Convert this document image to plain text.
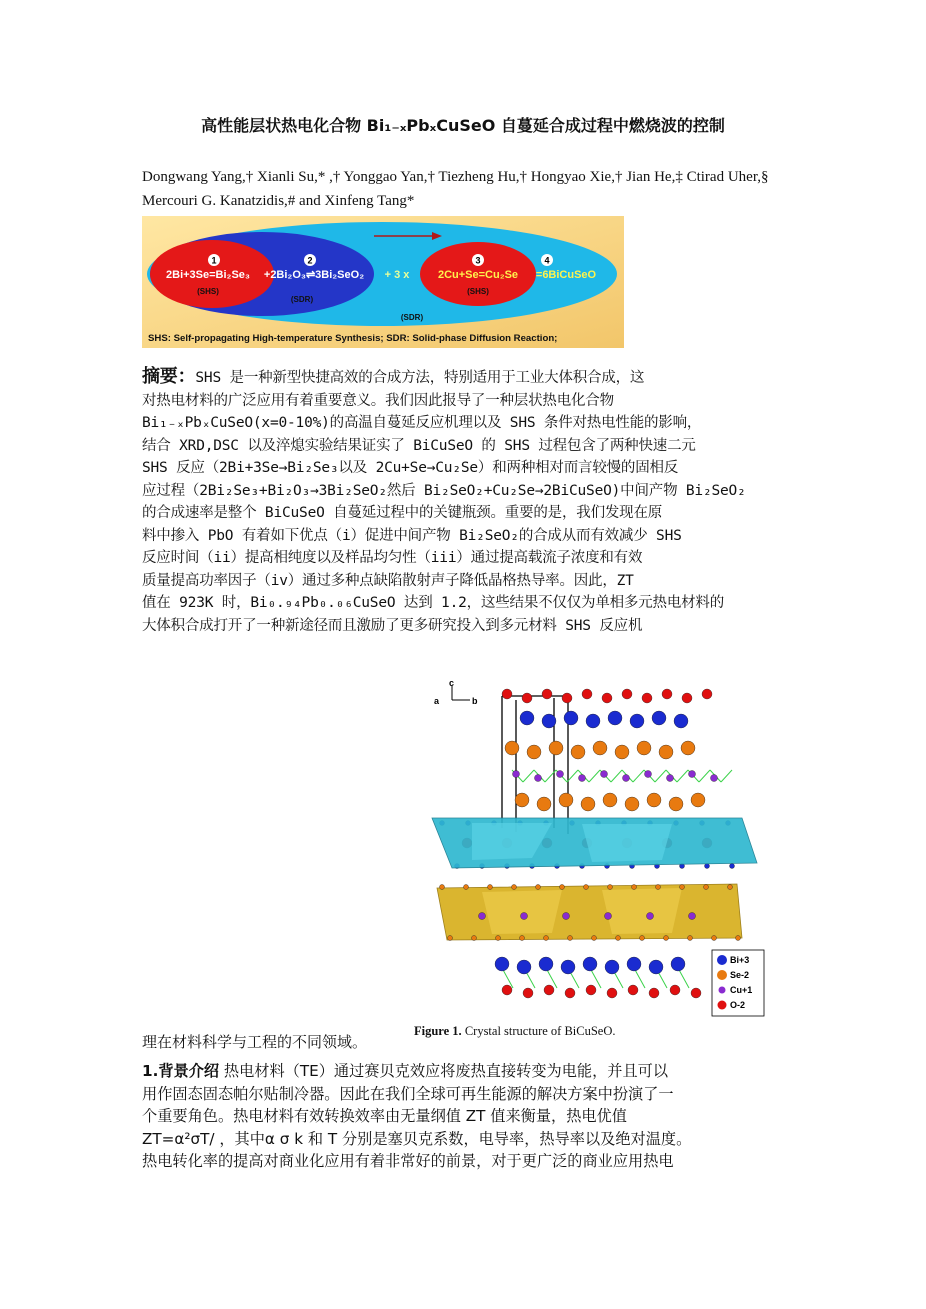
高性能层状热电化合物 Bi₁₋ₓPbₓCuSeO 自蔓延合成过程中燃烧波的控制
Dongwang Yang,† Xianli Su,* ,† Yonggao Yan,† Tiezheng Hu,† Hongyao Xie,† Jian He,‡ Ctirad Uher,§ Mercouri G. Kanatzidis,# and Xinfeng Tang*
1
2Bi+3Se=Bi₂Se₃
(SHS)
2
+2Bi₂O₃⇌3Bi₂SeO₂
(SDR)
+ 3 x
3
2Cu+Se=Cu₂Se
(SHS)
4
=6BiCuSeO
(SDR)
SHS: Self-propagating High-temperature Synthesis; SDR: Solid-phase Diffusion Reaction;

摘要：SHS 是一种新型快捷高效的合成方法，特别适用于工业大体积合成，这

对热电材料的广泛应用有着重要意义。我们因此报导了一种层状热电化合物

Bi₁₋ₓPbₓCuSeO(x=0-10%)的高温自蔓延反应机理以及 SHS 条件对热电性能的影响，

结合 XRD,DSC 以及淬熄实验结果证实了 BiCuSeO 的 SHS 过程包含了两种快速二元

SHS 反应（2Bi+3Se→Bi₂Se₃以及 2Cu+Se→Cu₂Se）和两种相对而言较慢的固相反

应过程（2Bi₂Se₃+Bi₂O₃→3Bi₂SeO₂然后 Bi₂SeO₂+Cu₂Se→2BiCuSeO)中间产物 Bi₂SeO₂

的合成速率是整个 BiCuSeO 自蔓延过程中的关键瓶颈。重要的是，我们发现在原

料中掺入 PbO 有着如下优点（i）促进中间产物 Bi₂SeO₂的合成从而有效减少 SHS

反应时间（ii）提高相纯度以及样品均匀性（iii）通过提高载流子浓度和有效

质量提高功率因子（iv）通过多种点缺陷散射声子降低晶格热导率。因此，ZT

值在 923K 时，Bi₀.₉₄Pb₀.₀₆CuSeO 达到 1.2，这些结果不仅仅为单相多元热电材料的

大体积合成打开了一种新途径而且激励了更多研究投入到多元材料 SHS 反应机

c
a	b
Bi+3
Se-2
Cu+1
O-2
Figure 1. Crystal structure of BiCuSeO.
理在材料科学与工程的不同领域。
1.背景介绍 热电材料（TE）通过赛贝克效应将废热直接转变为电能，并且可以
用作固态固态帕尔贴制冷器。因此在我们全球可再生能源的解决方案中扮演了一
个重要角色。热电材料有效转换效率由无量纲值 ZT 值来衡量，热电优值
ZT=α²σT/ ，其中α σ k 和 T 分别是塞贝克系数，电导率，热导率以及绝对温度。
热电转化率的提高对商业化应用有着非常好的前景，对于更广泛的商业应用热电
